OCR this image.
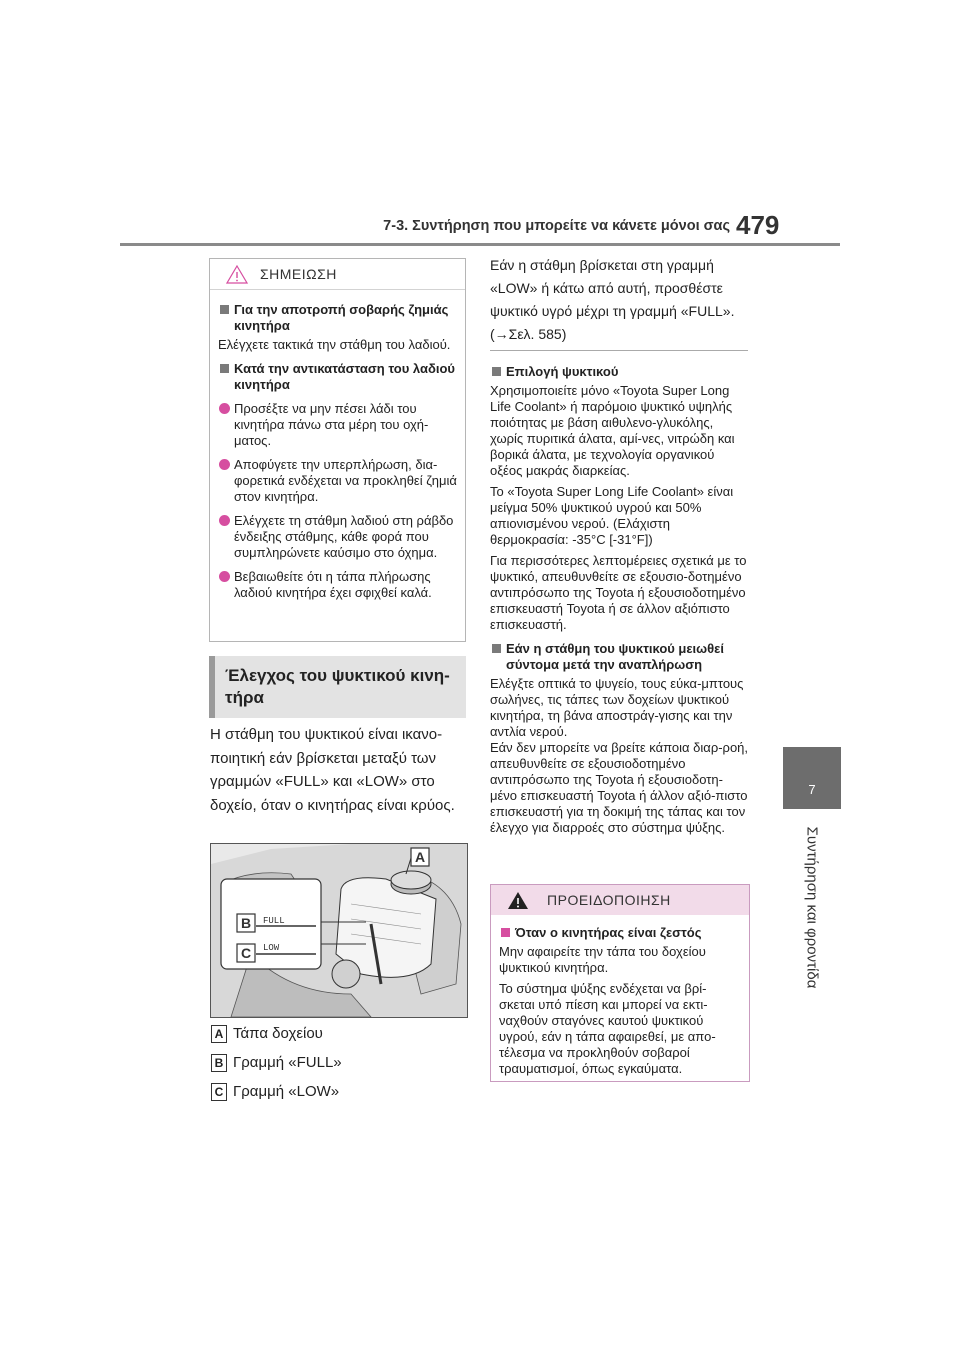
7-3. Συντήρηση που μπορείτε να κάνετε μόνοι σας 479
7
Συντήρηση και φροντίδα
ΣΗΜΕΙΩΣΗ
Για την αποτροπή σοβαρής ζημιάς κινητήρα
Ελέγχετε τακτικά την στάθμη του λαδιού.
Κατά την αντικατάσταση του λαδιού κινητήρα
Προσέξτε να μην πέσει λάδι του κινητήρα πάνω στα μέρη του οχή-ματος.
Αποφύγετε την υπερπλήρωση, δια-φορετικά ενδέχεται να προκληθεί ζημιά στον κινητήρα.
Ελέγχετε τη στάθμη λαδιού στη ράβδο ένδειξης στάθμης, κάθε φορά που συμπληρώνετε καύσιμο στο όχημα.
Βεβαιωθείτε ότι η τάπα πλήρωσης λαδιού κινητήρα έχει σφιχθεί καλά.
Έλεγχος του ψυκτικού κινη-τήρα
Η στάθμη του ψυκτικού είναι ικανο-ποιητική εάν βρίσκεται μεταξύ των γραμμών «FULL» και «LOW» στο δοχείο, όταν ο κινητήρας είναι κρύος.
FULL
LOW
B
C
A
A Τάπα δοχείου
B Γραμμή «FULL»
C Γραμμή «LOW»
Εάν η στάθμη βρίσκεται στη γραμμή «LOW» ή κάτω από αυτή, προσθέστε ψυκτικό υγρό μέχρι τη γραμμή «FULL». (→Σελ. 585)
Επιλογή ψυκτικού
Χρησιμοποιείτε μόνο «Toyota Super Long Life Coolant» ή παρόμοιο ψυκτικό υψηλής ποιότητας με βάση αιθυλενο-γλυκόλης, χωρίς πυριτικά άλατα, αμί-νες, νιτρώδη και βορικά άλατα, με τεχνολογία οργανικού οξέος μακράς διαρκείας.
Το «Toyota Super Long Life Coolant» είναι μείγμα 50% ψυκτικού υγρού και 50% απιονισμένου νερού. (Ελάχιστη θερμοκρασία: -35°C [-31°F])
Για περισσότερες λεπτομέρειες σχετικά με το ψυκτικό, απευθυνθείτε σε εξουσιο-δοτημένο αντιπρόσωπο της Toyota ή εξουσιοδοτημένο επισκευαστή Toyota ή σε άλλον αξιόπιστο επισκευαστή.
Εάν η στάθμη του ψυκτικού μειωθεί σύντομα μετά την αναπλήρωση
Ελέγξτε οπτικά το ψυγείο, τους εύκα-μπτους σωλήνες, τις τάπες των δοχείων ψυκτικού κινητήρα, τη βάνα αποστράγ-γισης και την αντλία νερού.
Εάν δεν μπορείτε να βρείτε κάποια διαρ-ροή, απευθυνθείτε σε εξουσιοδοτημένο αντιπρόσωπο της Toyota ή εξουσιοδοτη-μένο επισκευαστή Toyota ή άλλον αξιό-πιστο επισκευαστή για τη δοκιμή της τάπας και τον έλεγχο για διαρροές στο σύστημα ψύξης.
ΠΡΟΕΙΔΟΠΟΙΗΣΗ
Όταν ο κινητήρας είναι ζεστός
Μην αφαιρείτε την τάπα του δοχείου ψυκτικού κινητήρα.
Το σύστημα ψύξης ενδέχεται να βρί-σκεται υπό πίεση και μπορεί να εκτι-ναχθούν σταγόνες καυτού ψυκτικού υγρού, εάν η τάπα αφαιρεθεί, με απο-τέλεσμα να προκληθούν σοβαροί τραυματισμοί, όπως εγκαύματα.
